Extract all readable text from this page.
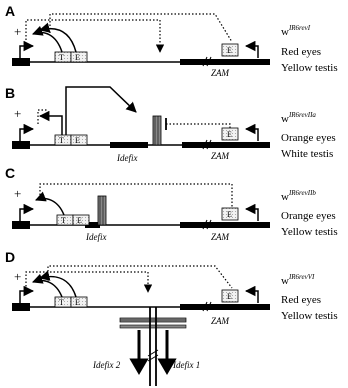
A
+
T E
E
ZAM
$w^{IR6revI}$
Red eyes
Yellow testis
B
+
T E
E
Idefix	ZAM
$w^{IR6revIIa}$
Orange eyes
White testis
C
+
T E
E
Idefix	ZAM
$w^{IR6revIIb}$
Orange eyes
Yellow testis
D
+
T E
E
ZAM
Idefix 2	Idefix 1
$w^{IR6revVI}$
Red eyes
Yellow testis
